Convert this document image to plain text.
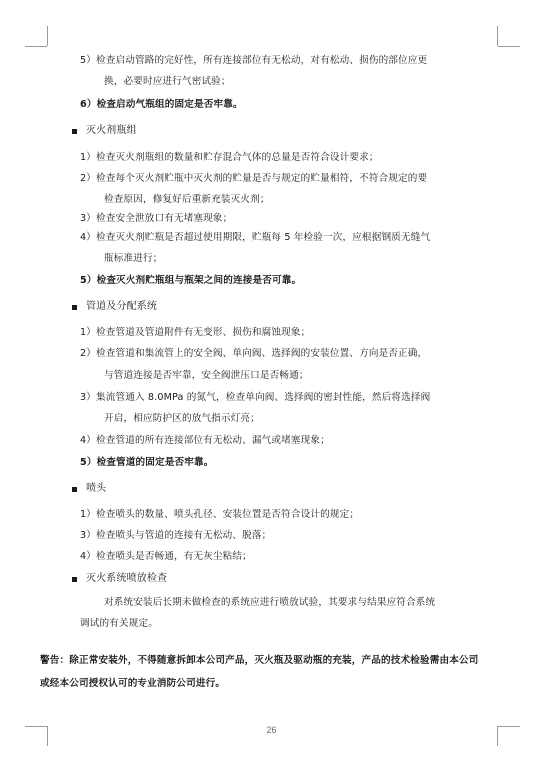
5）检查启动管路的完好性，所有连接部位有无松动，对有松动、损伤的部位应更
换，必要时应进行气密试验；
6）检查启动气瓶组的固定是否牢靠。
灭火剂瓶组
1）检查灭火剂瓶组的数量和贮存混合气体的总量是否符合设计要求；
2）检查每个灭火剂贮瓶中灭火剂的贮量是否与规定的贮量相符，不符合规定的要
检查原因，修复好后重新充装灭火剂；
3）检查安全泄放口有无堵塞现象；
4）检查灭火剂贮瓶是否超过使用期限，贮瓶每 5 年检验一次，应根据钢质无缝气
瓶标准进行；
5）检查灭火剂贮瓶组与瓶架之间的连接是否可靠。
管道及分配系统
1）检查管道及管道附件有无变形、损伤和腐蚀现象；
2）检查管道和集流管上的安全阀、单向阀、选择阀的安装位置、方向是否正确，
与管道连接是否牢靠，安全阀泄压口是否畅通；
3）集流管通入 8.0MPa 的氮气，检查单向阀、选择阀的密封性能，然后将选择阀
开启，相应防护区的放气指示灯亮；
4）检查管道的所有连接部位有无松动、漏气或堵塞现象；
5）检查管道的固定是否牢靠。
喷头
1）检查喷头的数量、喷头孔径、安装位置是否符合设计的规定；
3）检查喷头与管道的连接有无松动、脱落；
4）检查喷头是否畅通，有无灰尘粘结；
灭火系统喷放检查
对系统安装后长期未做检查的系统应进行喷放试验，其要求与结果应符合系统
调试的有关规定。
警告：除正常安装外，不得随意拆卸本公司产品，灭火瓶及驱动瓶的充装，产品的技术检验需由本公司
或经本公司授权认可的专业消防公司进行。
26
